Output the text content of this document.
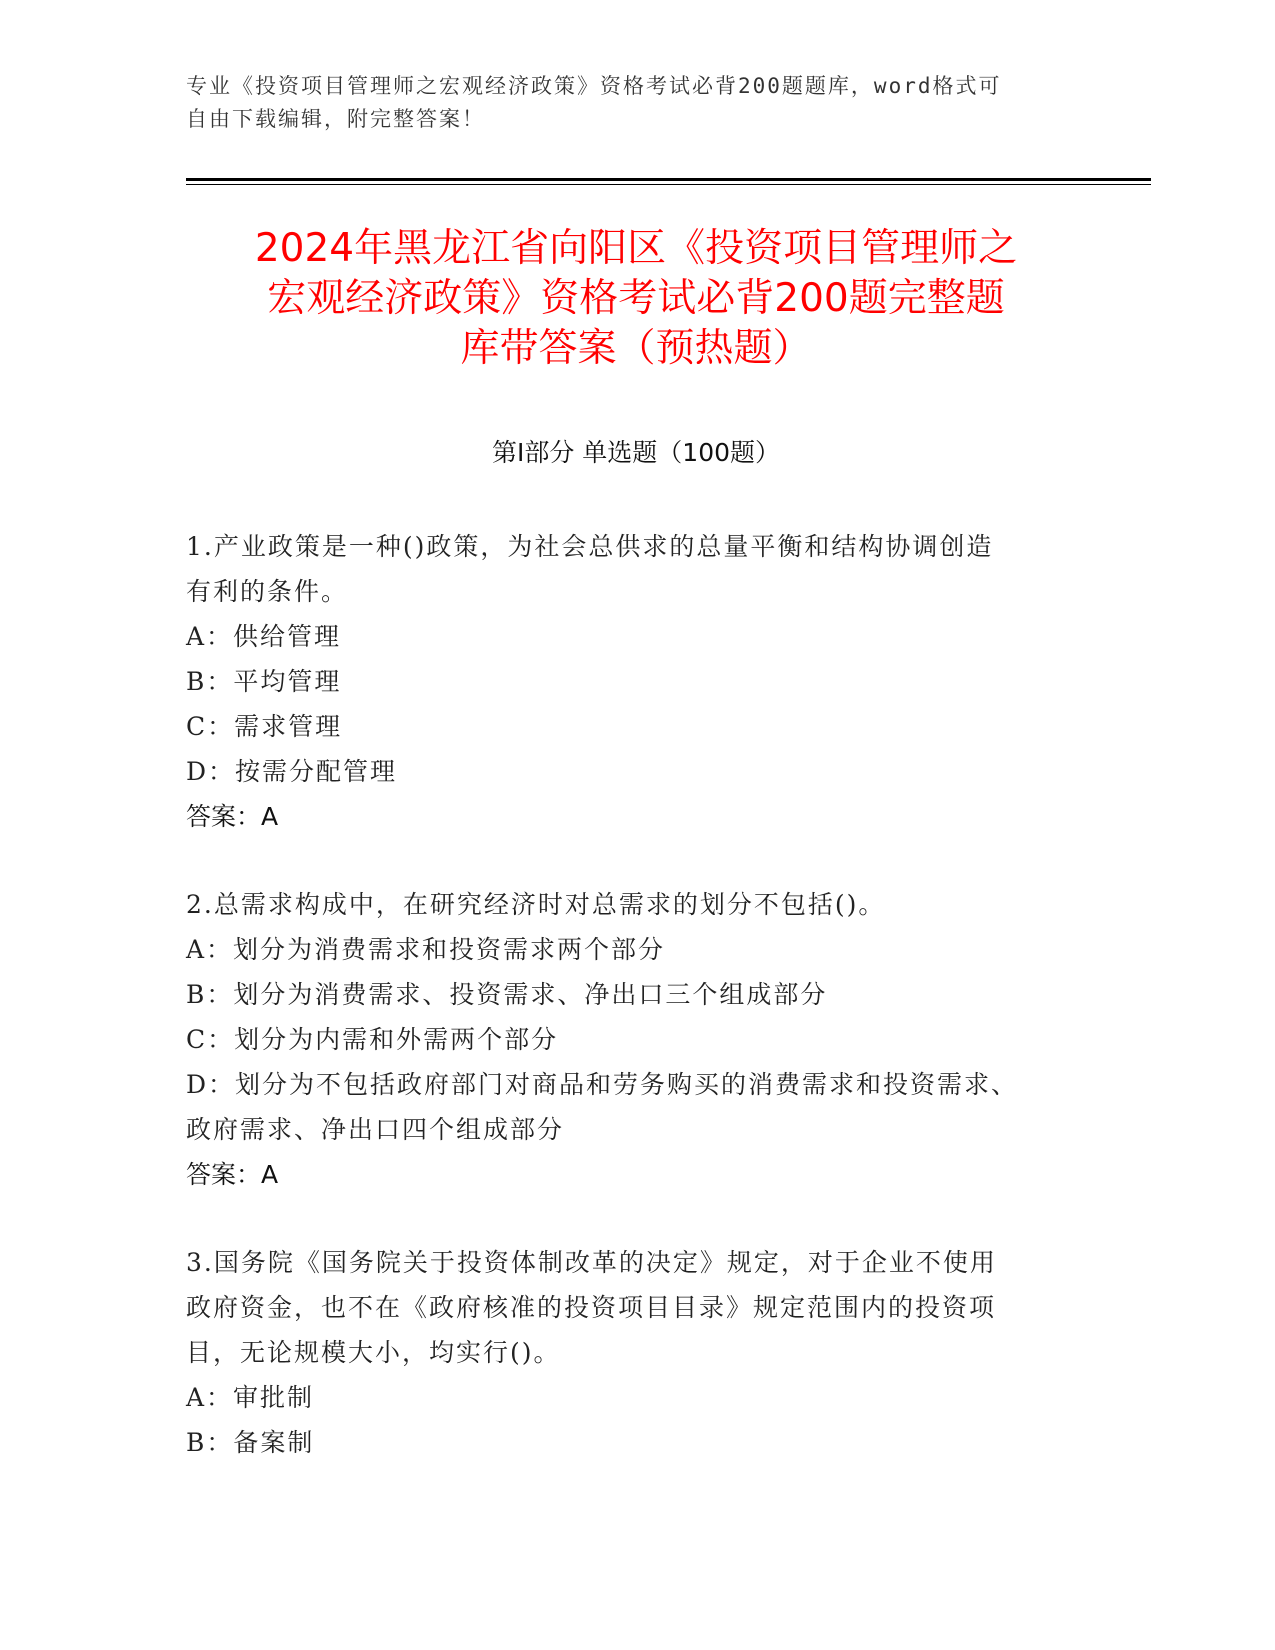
专业《投资项目管理师之宏观经济政策》资格考试必背200题题库，word格式可
自由下载编辑，附完整答案！
2024年黑龙江省向阳区《投资项目管理师之
宏观经济政策》资格考试必背200题完整题
库带答案（预热题）
第I部分 单选题（100题）
1.产业政策是一种()政策，为社会总供求的总量平衡和结构协调创造
有利的条件。
A：供给管理
B：平均管理
C：需求管理
D：按需分配管理
答案：A
2.总需求构成中，在研究经济时对总需求的划分不包括()。
A：划分为消费需求和投资需求两个部分
B：划分为消费需求、投资需求、净出口三个组成部分
C：划分为内需和外需两个部分
D：划分为不包括政府部门对商品和劳务购买的消费需求和投资需求、
政府需求、净出口四个组成部分
答案：A
3.国务院《国务院关于投资体制改革的决定》规定，对于企业不使用
政府资金，也不在《政府核准的投资项目目录》规定范围内的投资项
目，无论规模大小，均实行()。
A：审批制
B：备案制
